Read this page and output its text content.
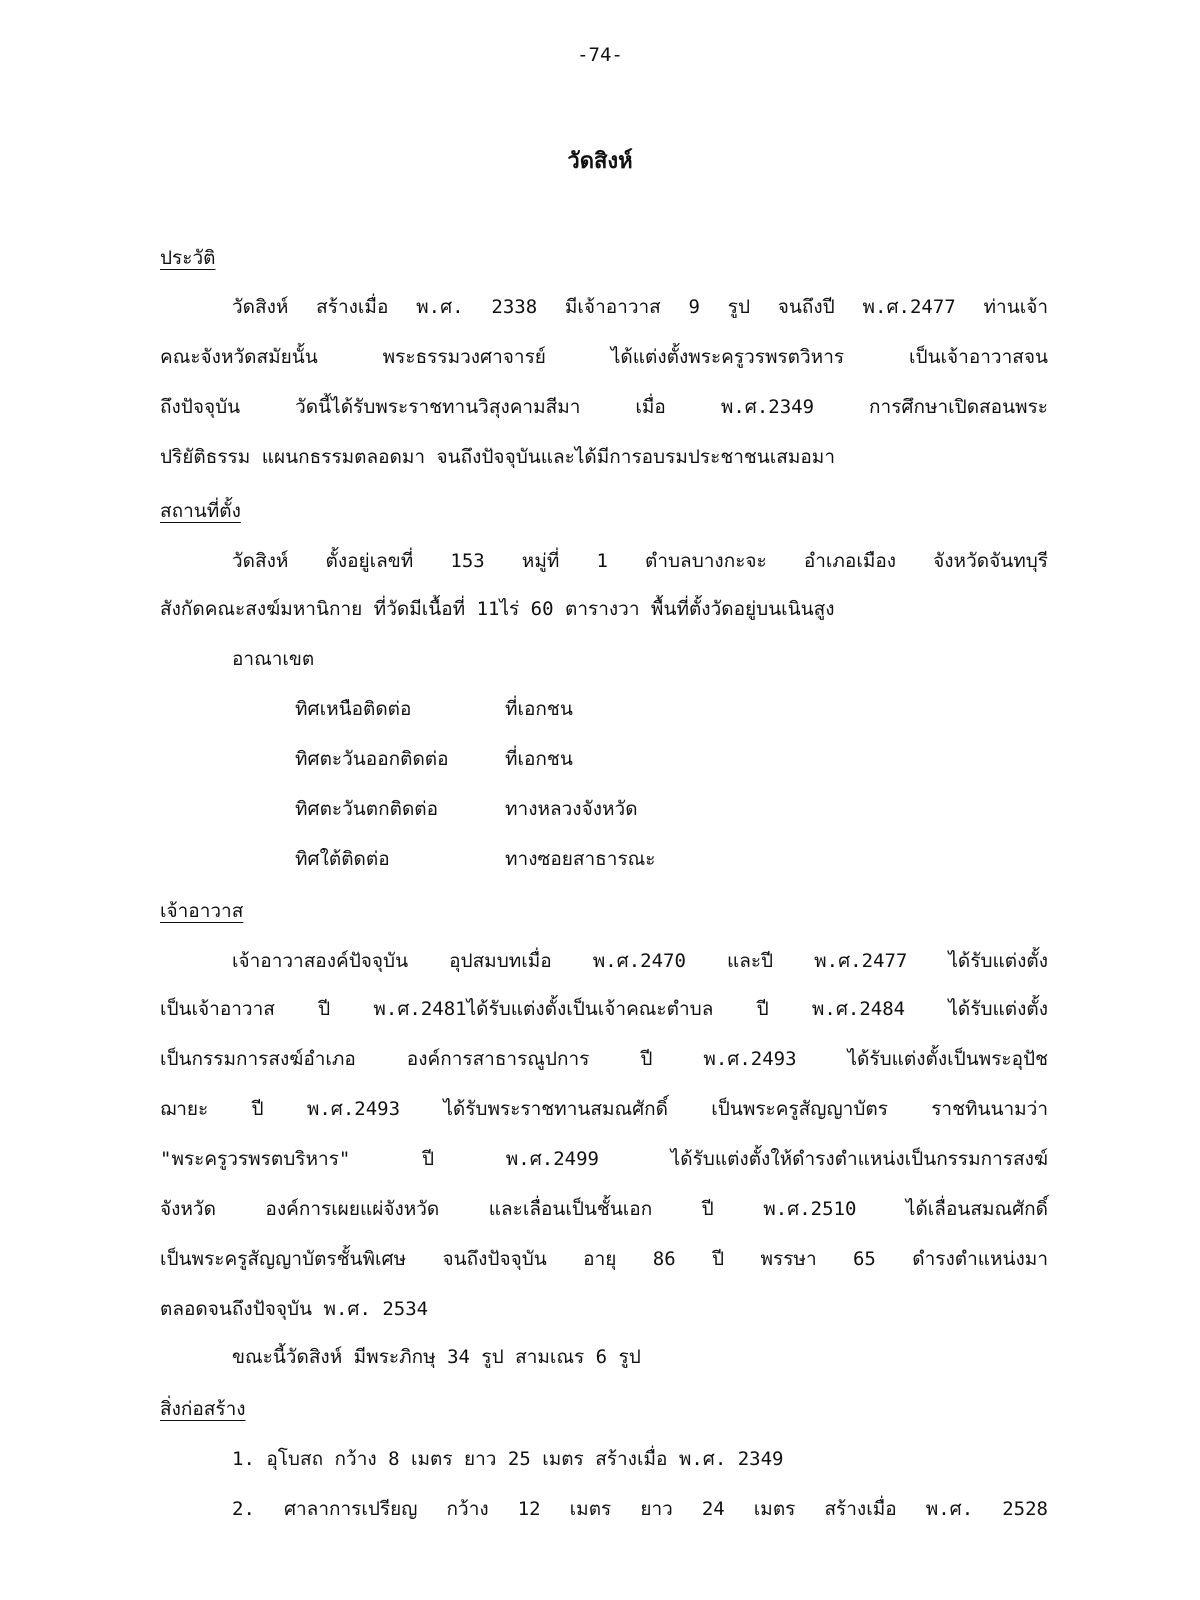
-74-
วัดสิงห์
ประวัติ
วัดสิงห์ สร้างเมื่อ พ.ศ. 2338 มีเจ้าอาวาส 9 รูป จนถึงปี พ.ศ.2477 ท่านเจ้า
คณะจังหวัดสมัยนั้น พระธรรมวงศาจารย์ ได้แต่งตั้งพระครูวรพรตวิหาร เป็นเจ้าอาวาสจน
ถึงปัจจุบัน วัดนี้ได้รับพระราชทานวิสุงคามสีมา เมื่อ พ.ศ.2349 การศึกษาเปิดสอนพระ
ปริยัติธรรม แผนกธรรมตลอดมา จนถึงปัจจุบันและได้มีการอบรมประชาชนเสมอมา
สถานที่ตั้ง
วัดสิงห์ ตั้งอยู่เลขที่ 153 หมู่ที่ 1 ตำบลบางกะจะ อำเภอเมือง จังหวัดจันทบุรี
สังกัดคณะสงฆ์มหานิกาย ที่วัดมีเนื้อที่ 11ไร่ 60 ตารางวา พื้นที่ตั้งวัดอยู่บนเนินสูง
อาณาเขต
ทิศเหนือติดต่อ	ที่เอกชน
ทิศตะวันออกติดต่อ	ที่เอกชน
ทิศตะวันตกติดต่อ	ทางหลวงจังหวัด
ทิศใต้ติดต่อ	ทางซอยสาธารณะ
เจ้าอาวาส
เจ้าอาวาสองค์ปัจจุบัน อุปสมบทเมื่อ พ.ศ.2470 และปี พ.ศ.2477 ได้รับแต่งตั้ง
เป็นเจ้าอาวาส ปี พ.ศ.2481ได้รับแต่งตั้งเป็นเจ้าคณะตำบล ปี พ.ศ.2484 ได้รับแต่งตั้ง
เป็นกรรมการสงฆ์อำเภอ องค์การสาธารณูปการ ปี พ.ศ.2493 ได้รับแต่งตั้งเป็นพระอุปัช
ฌายะ ปี พ.ศ.2493 ได้รับพระราชทานสมณศักดิ์ เป็นพระครูสัญญาบัตร ราชทินนามว่า
"พระครูวรพรตบริหาร" ปี พ.ศ.2499 ได้รับแต่งตั้งให้ดำรงตำแหน่งเป็นกรรมการสงฆ์
จังหวัด องค์การเผยแผ่จังหวัด และเลื่อนเป็นชั้นเอก ปี พ.ศ.2510 ได้เลื่อนสมณศักดิ์
เป็นพระครูสัญญาบัตรชั้นพิเศษ จนถึงปัจจุบัน อายุ 86 ปี พรรษา 65 ดำรงตำแหน่งมา
ตลอดจนถึงปัจจุบัน พ.ศ. 2534
ขณะนี้วัดสิงห์ มีพระภิกษุ 34 รูป สามเณร 6 รูป
สิ่งก่อสร้าง
1. อุโบสถ กว้าง 8 เมตร ยาว 25 เมตร สร้างเมื่อ พ.ศ. 2349
2. ศาลาการเปรียญ กว้าง 12 เมตร ยาว 24 เมตร สร้างเมื่อ พ.ศ. 2528
